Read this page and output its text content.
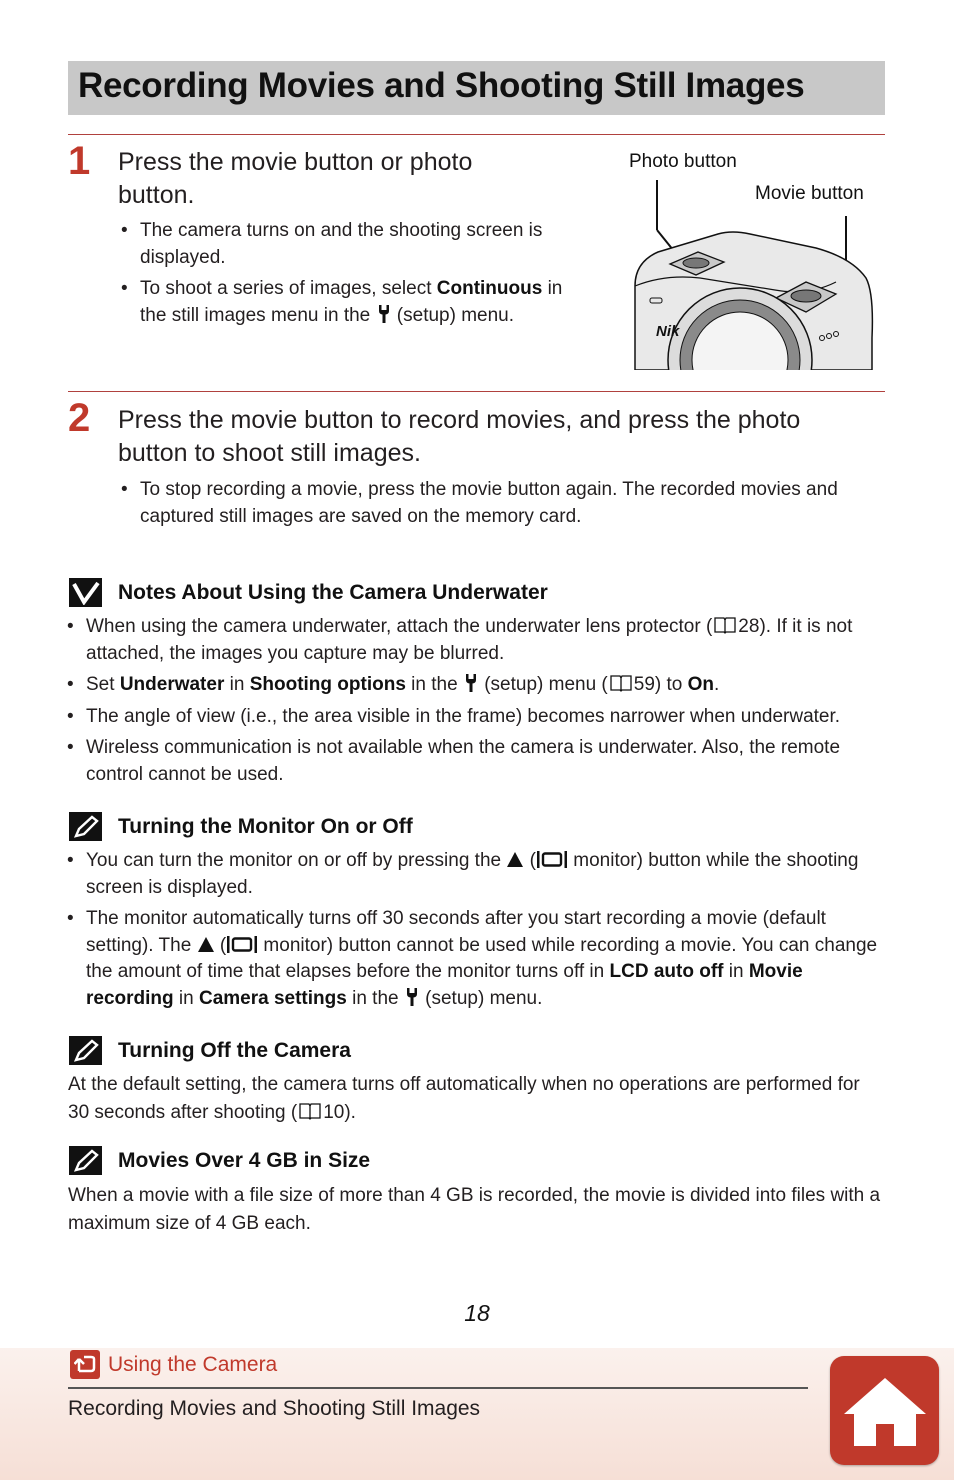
Recording Movies and Shooting Still Images
1 Press the movie button or photo
button.
• The camera turns on and the shooting screen is displayed.
• To shoot a series of images, select Continuous in the still images menu in the  (setup) menu.
Photo button
Movie button
Nik
2 Press the movie button to record movies, and press the photo
button to shoot still images.
• To stop recording a movie, press the movie button again. The recorded movies and captured still images are saved on the memory card.
Notes About Using the Camera Underwater
• When using the camera underwater, attach the underwater lens protector ( 28). If it is not attached, the images you capture may be blurred.
• Set Underwater in Shooting options in the  (setup) menu ( 59) to On.
• The angle of view (i.e., the area visible in the frame) becomes narrower when underwater.
• Wireless communication is not available when the camera is underwater. Also, the remote control cannot be used.
Turning the Monitor On or Off
• You can turn the monitor on or off by pressing the  ( monitor) button while the shooting screen is displayed.
• The monitor automatically turns off 30 seconds after you start recording a movie (default setting). The  ( monitor) button cannot be used while recording a movie. You can change the amount of time that elapses before the monitor turns off in LCD auto off in Movie recording in Camera settings in the  (setup) menu.
Turning Off the Camera
At the default setting, the camera turns off automatically when no operations are performed for 30 seconds after shooting ( 10).
Movies Over 4 GB in Size
When a movie with a file size of more than 4 GB is recorded, the movie is divided into files with a maximum size of 4 GB each.
18
Using the Camera
Recording Movies and Shooting Still Images
